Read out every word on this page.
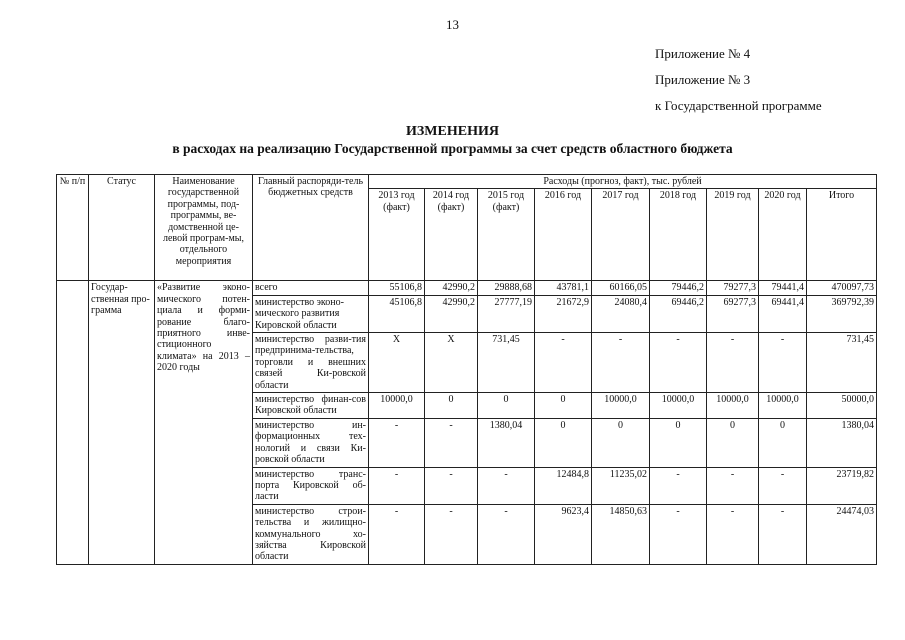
13
Приложение № 4
Приложение № 3
к Государственной программе
ИЗМЕНЕНИЯ
в расходах на реализацию Государственной программы за счет средств областного бюджета
№ п/п	Статус	Наименование государственной программы, под-программы, ве-домственной це-левой програм-мы, отдельного мероприятия	Главный распоряди-тель бюджетных средств	Расходы (прогноз, факт), тыс. рублей								
				2013 год (факт)	2014 год (факт)	2015 год (факт)	2016 год	2017 год	2018 год	2019 год	2020 год	Итого
	Государ-ственная про-грамма	«Развитие эконо-мического потен-циала и форми-рование благо-приятного инве-стиционного климата» на 2013 – 2020 годы	всего	55106,8	42990,2	29888,68	43781,1	60166,05	79446,2	79277,3	79441,4	470097,73
			министерство эконо-мического развития Кировской области	45106,8	42990,2	27777,19	21672,9	24080,4	69446,2	69277,3	69441,4	369792,39
			министерство разви-тия предпринима-тельства, торговли и внешних связей Ки-ровской области	Х	Х	731,45	-	-	-	-	-	731,45
			министерство финан-сов Кировской области	10000,0	0	0	0	10000,0	10000,0	10000,0	10000,0	50000,0
			министерство ин-формационных тех-нологий и связи Ки-ровской области	-	-	1380,04	0	0	0	0	0	1380,04
			министерство транс-порта Кировской об-ласти	-	-	-	12484,8	11235,02	-	-	-	23719,82
			министерство строи-тельства и жилищно-коммунального хо-зяйства Кировской области	-	-	-	9623,4	14850,63	-	-	-	24474,03
